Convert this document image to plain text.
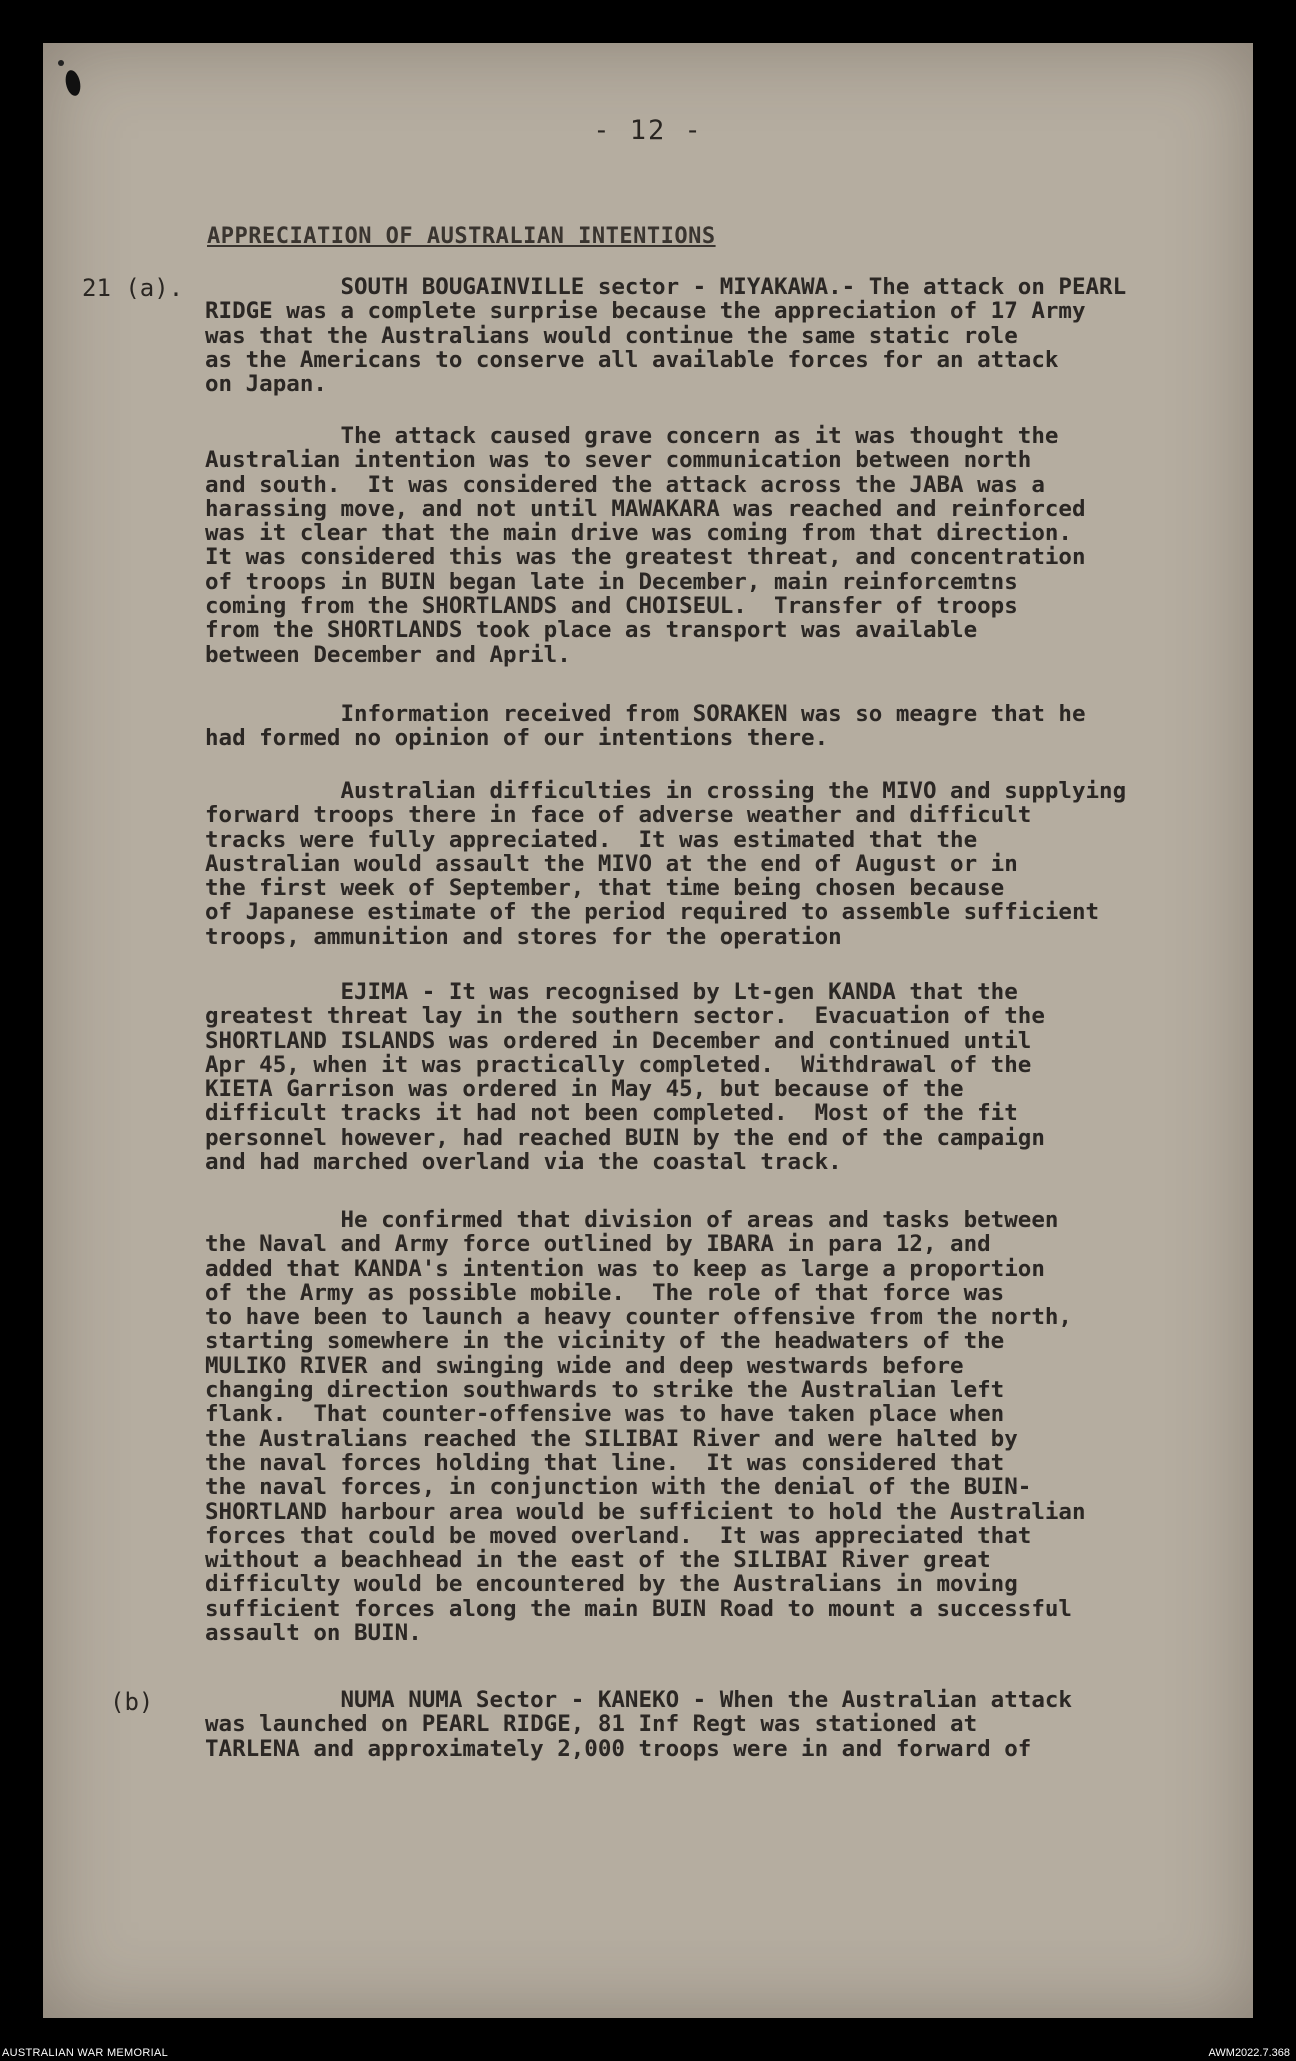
- 12 -
APPRECIATION OF AUSTRALIAN INTENTIONS
21 (a).
(b)
SOUTH BOUGAINVILLE sector - MIYAKAWA.- The attack on PEARL
RIDGE was a complete surprise because the appreciation of 17 Army
was that the Australians would continue the same static role
as the Americans to conserve all available forces for an attack
on Japan.
The attack caused grave concern as it was thought the
Australian intention was to sever communication between north
and south.  It was considered the attack across the JABA was a
harassing move, and not until MAWAKARA was reached and reinforced
was it clear that the main drive was coming from that direction.
It was considered this was the greatest threat, and concentration
of troops in BUIN began late in December, main reinforcemtns
coming from the SHORTLANDS and CHOISEUL.  Transfer of troops
from the SHORTLANDS took place as transport was available
between December and April.
Information received from SORAKEN was so meagre that he
had formed no opinion of our intentions there.
Australian difficulties in crossing the MIVO and supplying
forward troops there in face of adverse weather and difficult
tracks were fully appreciated.  It was estimated that the
Australian would assault the MIVO at the end of August or in
the first week of September, that time being chosen because
of Japanese estimate of the period required to assemble sufficient
troops, ammunition and stores for the operation
EJIMA - It was recognised by Lt-gen KANDA that the
greatest threat lay in the southern sector.  Evacuation of the
SHORTLAND ISLANDS was ordered in December and continued until
Apr 45, when it was practically completed.  Withdrawal of the
KIETA Garrison was ordered in May 45, but because of the
difficult tracks it had not been completed.  Most of the fit
personnel however, had reached BUIN by the end of the campaign
and had marched overland via the coastal track.
He confirmed that division of areas and tasks between
the Naval and Army force outlined by IBARA in para 12, and
added that KANDA's intention was to keep as large a proportion
of the Army as possible mobile.  The role of that force was
to have been to launch a heavy counter offensive from the north,
starting somewhere in the vicinity of the headwaters of the
MULIKO RIVER and swinging wide and deep westwards before
changing direction southwards to strike the Australian left
flank.  That counter-offensive was to have taken place when
the Australians reached the SILIBAI River and were halted by
the naval forces holding that line.  It was considered that
the naval forces, in conjunction with the denial of the BUIN-
SHORTLAND harbour area would be sufficient to hold the Australian
forces that could be moved overland.  It was appreciated that
without a beachhead in the east of the SILIBAI River great
difficulty would be encountered by the Australians in moving
sufficient forces along the main BUIN Road to mount a successful
assault on BUIN.
NUMA NUMA Sector - KANEKO - When the Australian attack
was launched on PEARL RIDGE, 81 Inf Regt was stationed at
TARLENA and approximately 2,000 troops were in and forward of
AUSTRALIAN WAR MEMORIAL	AWM2022.7.368
